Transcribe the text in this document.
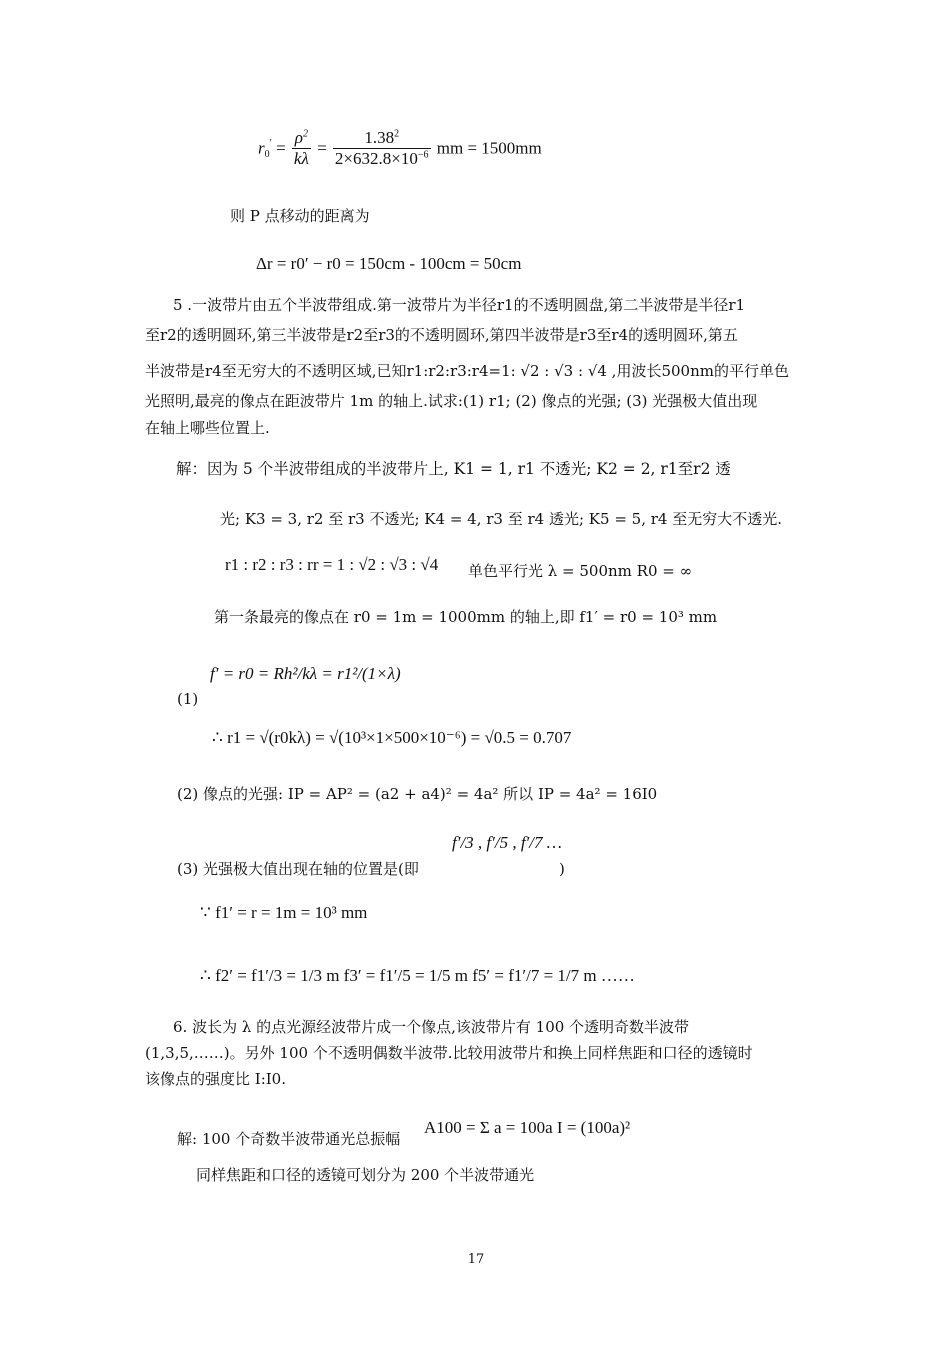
$r_0' = \frac{\rho^2}{k\lambda} = \frac{1.38^2}{2\times 632.8\times 10^{-6}}$ mm = 1500mm
则 P 点移动的距离为
Δr = r0′ − r0 = 150cm - 100cm = 50cm
5 .一波带片由五个半波带组成.第一波带片为半径r1的不透明圆盘,第二半波带是半径r1
至r2的透明圆环,第三半波带是r2至r3的不透明圆环,第四半波带是r3至r4的透明圆环,第五
半波带是r4至无穷大的不透明区域,已知r1:r2:r3:r4=1: √2 : √3 : √4 ,用波长500nm的平行单色
光照明,最亮的像点在距波带片 1m 的轴上.试求:(1) r1; (2) 像点的光强; (3) 光强极大值出现
在轴上哪些位置上.
解：因为 5 个半波带组成的半波带片上, K1 = 1, r1 不透光; K2 = 2, r1至r2 透
光; K3 = 3, r2 至 r3 不透光; K4 = 4, r3 至 r4 透光; K5 = 5, r4 至无穷大不透光.
r1 : r2 : r3 : rr = 1 : √2 : √3 : √4 单色平行光 λ = 500nm R0 = ∞
第一条最亮的像点在 r0 = 1m = 1000mm 的轴上,即 f1′ = r0 = 10³ mm
(1)
f′ = r0 = Rh²/kλ = r1²/(1×λ)
∴ r1 = √(r0kλ) = √(10³×1×500×10⁻⁶) = √0.5 = 0.707
(2) 像点的光强: IP = AP² = (a2 + a4)² = 4a² 所以 IP = 4a² = 16I0
(3) 光强极大值出现在轴的位置是(即
f′/3 , f′/5 , f′/7 …
)
∵ f1′ = r = 1m = 10³ mm
∴ f2′ = f1′/3 = 1/3 m f3′ = f1′/5 = 1/5 m f5′ = f1′/7 = 1/7 m ……
6. 波长为 λ 的点光源经波带片成一个像点,该波带片有 100 个透明奇数半波带
(1,3,5,……)。另外 100 个不透明偶数半波带.比较用波带片和换上同样焦距和口径的透镜时
该像点的强度比 I:I0.
解: 100 个奇数半波带通光总振幅
A100 = Σ a = 100a I = (100a)²
同样焦距和口径的透镜可划分为 200 个半波带通光
17
